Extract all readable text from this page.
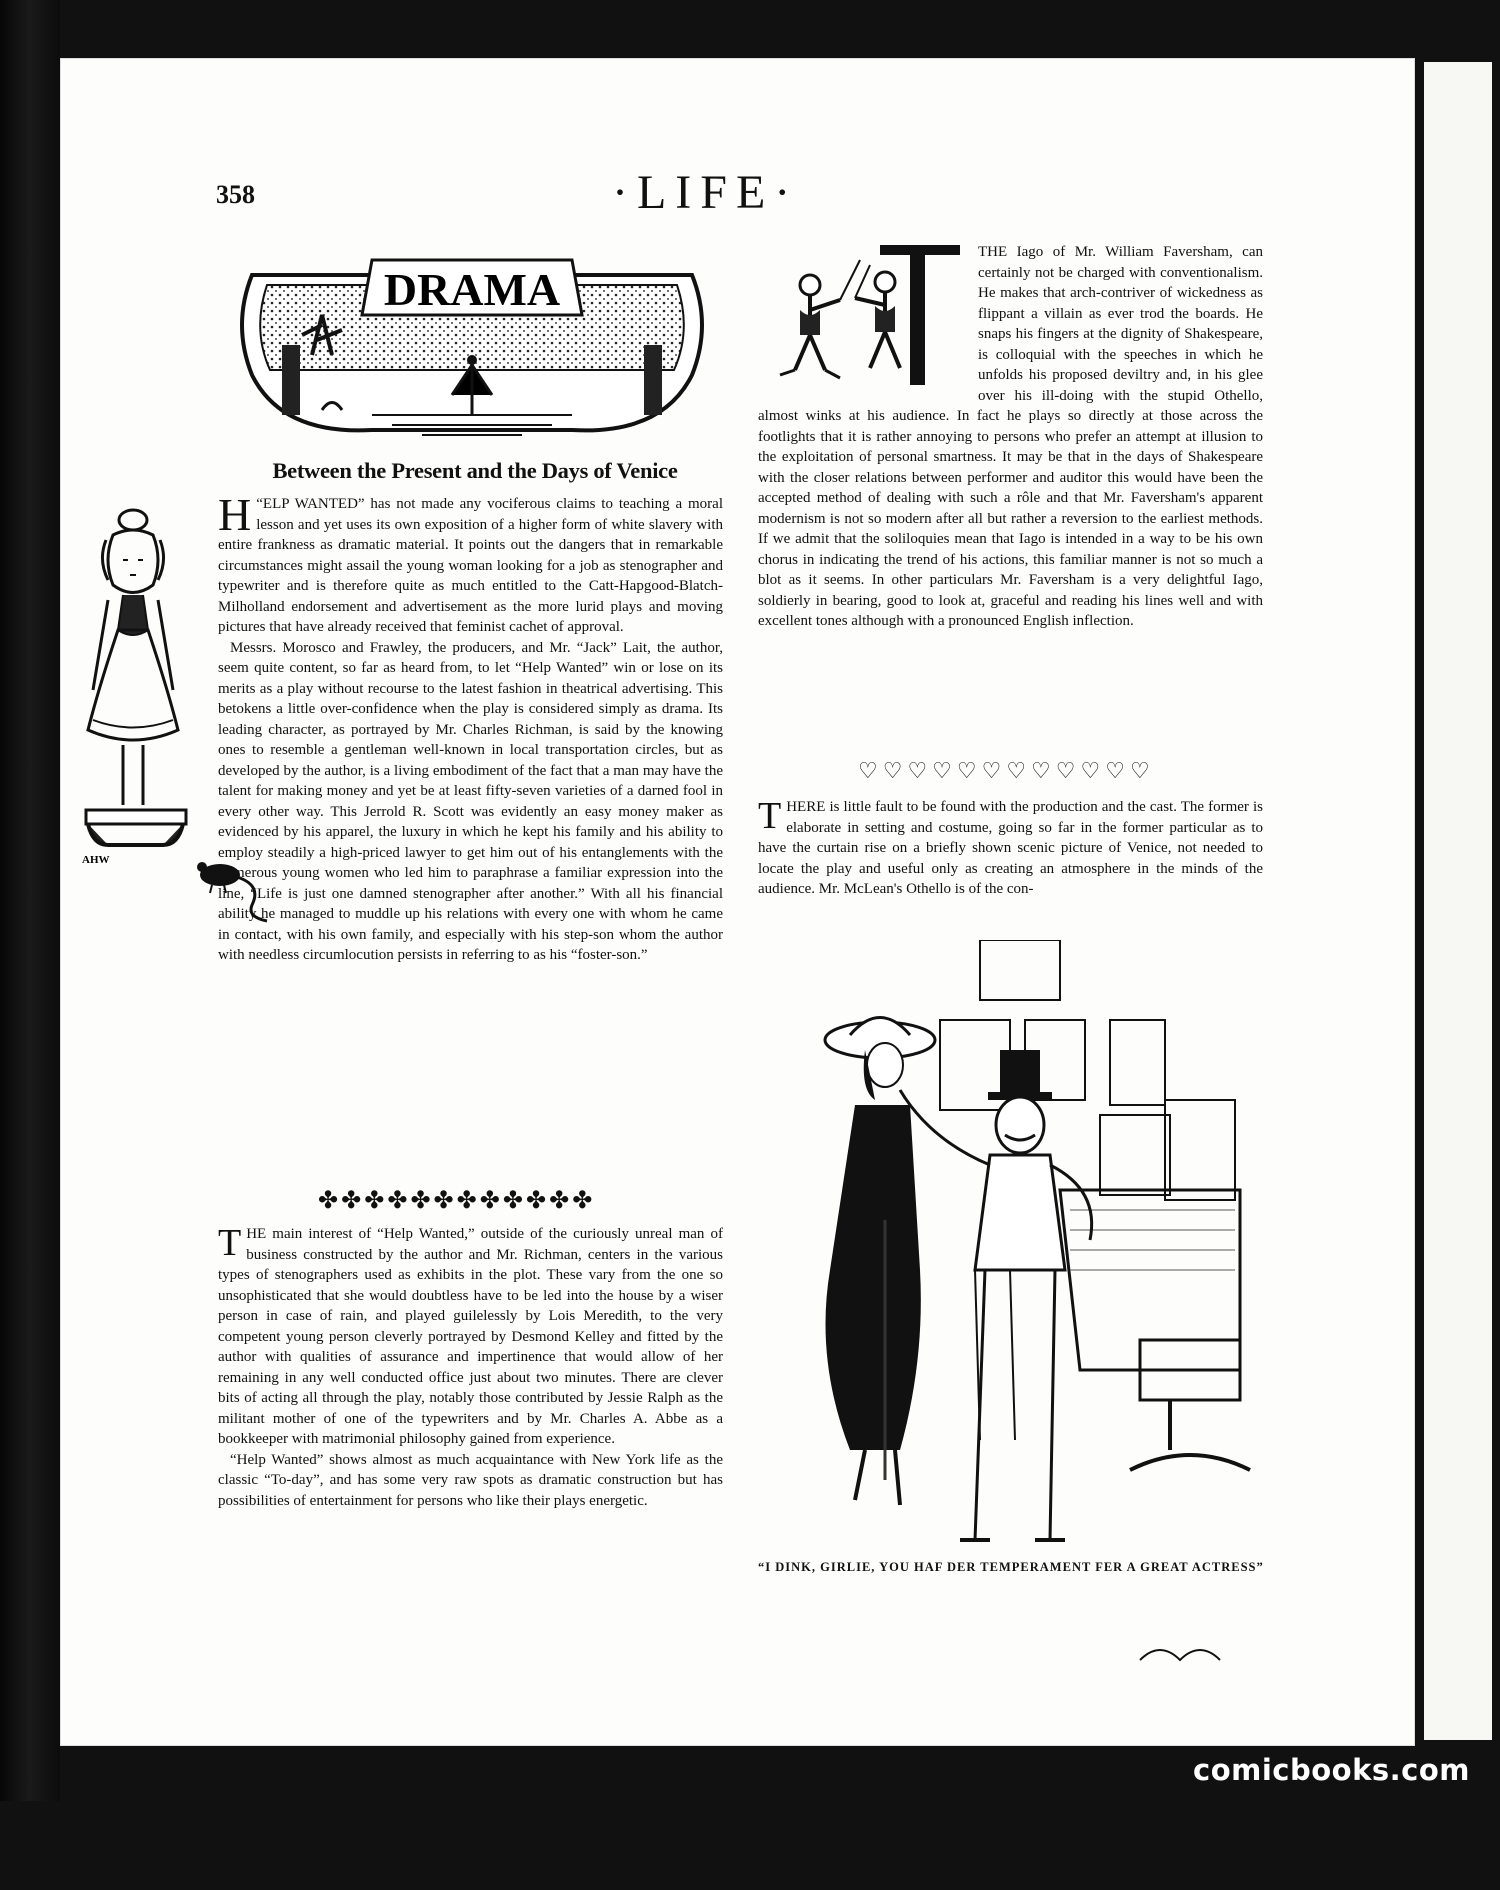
358	·LIFE·
DRAMA
Between the Present and the Days of Venice
AHW

“
H ELP WANTED” has not made any vociferous claims to teaching a moral lesson and yet uses its own exposition of a higher form of white slavery with entire frankness as dramatic material. It points out the dangers that in remarkable circumstances might assail the young woman looking for a job as stenographer and typewriter and is therefore quite as much entitled to the Catt-Hapgood-Blatch-Milholland endorsement and advertisement as the more lurid plays and moving pictures that have already received that feminist cachet of approval.

Messrs. Morosco and Frawley, the producers, and Mr. “Jack” Lait, the author, seem quite content, so far as heard from, to let “Help Wanted” win or lose on its merits as a play without recourse to the latest fashion in theatrical advertising. This betokens a little over-confidence when the play is considered simply as drama. Its leading character, as portrayed by Mr. Charles Richman, is said by the knowing ones to resemble a gentleman well-known in local transportation circles, but as developed by the author, is a living embodiment of the fact that a man may have the talent for making money and yet be at least fifty-seven varieties of a darned fool in every other way. This Jerrold R. Scott was evidently an easy money maker as evidenced by his apparel, the luxury in which he kept his family and his ability to employ steadily a high-priced lawyer to get him out of his entanglements with the numerous young women who led him to paraphrase a familiar expression into the line, “Life is just one damned stenographer after another.” With all his financial ability he managed to muddle up his relations with every one with whom he came in contact, with his own family, and especially with his step-son whom the author with needless circumlocution persists in referring to as his “foster-son.”

✤✤✤✤✤✤✤✤✤✤✤✤

THE main interest of “Help Wanted,” outside of the curiously unreal man of business constructed by the author and Mr. Richman, centers in the various types of stenographers used as exhibits in the plot. These vary from the one so unsophisticated that she would doubtless have to be led into the house by a wiser person in case of rain, and played guilelessly by Lois Meredith, to the very competent young person cleverly portrayed by Desmond Kelley and fitted by the author with qualities of assurance and impertinence that would allow of her remaining in any well conducted office just about two minutes. There are clever bits of acting all through the play, notably those contributed by Jessie Ralph as the militant mother of one of the typewriters and by Mr. Charles A. Abbe as a bookkeeper with matrimonial philosophy gained from experience.

“Help Wanted” shows almost as much acquaintance with New York life as the classic “To-day”, and has some very raw spots as dramatic construction but has possibilities of entertainment for persons who like their plays energetic.

THE Iago of Mr. William Faversham, can certainly not be charged with conventionalism. He makes that arch-contriver of wickedness as flippant a villain as ever trod the boards. He snaps his fingers at the dignity of Shakespeare, is colloquial with the speeches in which he unfolds his proposed deviltry and, in his glee over his ill-doing with the stupid Othello, almost winks at his audience. In fact he plays so directly at those across the footlights that it is rather annoying to persons who prefer an attempt at illusion to the exploitation of personal smartness. It may be that in the days of Shakespeare with the closer relations between performer and auditor this would have been the accepted method of dealing with such a rôle and that Mr. Faversham's apparent modernism is not so modern after all but rather a reversion to the earliest methods. If we admit that the soliloquies mean that Iago is intended in a way to be his own chorus in indicating the trend of his actions, this familiar manner is not so much a blot as it seems. In other particulars Mr. Faversham is a very delightful Iago, soldierly in bearing, good to look at, graceful and reading his lines well and with excellent tones although with a pronounced English inflection.

♡♡♡♡♡♡♡♡♡♡♡♡

THERE is little fault to be found with the production and the cast. The former is elaborate in setting and costume, going so far in the former particular as to have the curtain rise on a briefly shown scenic picture of Venice, not needed to locate the play and useful only as creating an atmosphere in the minds of the audience. Mr. McLean's Othello is of the con-

“I DINK, GIRLIE, YOU HAF DER TEMPERAMENT FER A GREAT ACTRESS”
comicbooks.com
